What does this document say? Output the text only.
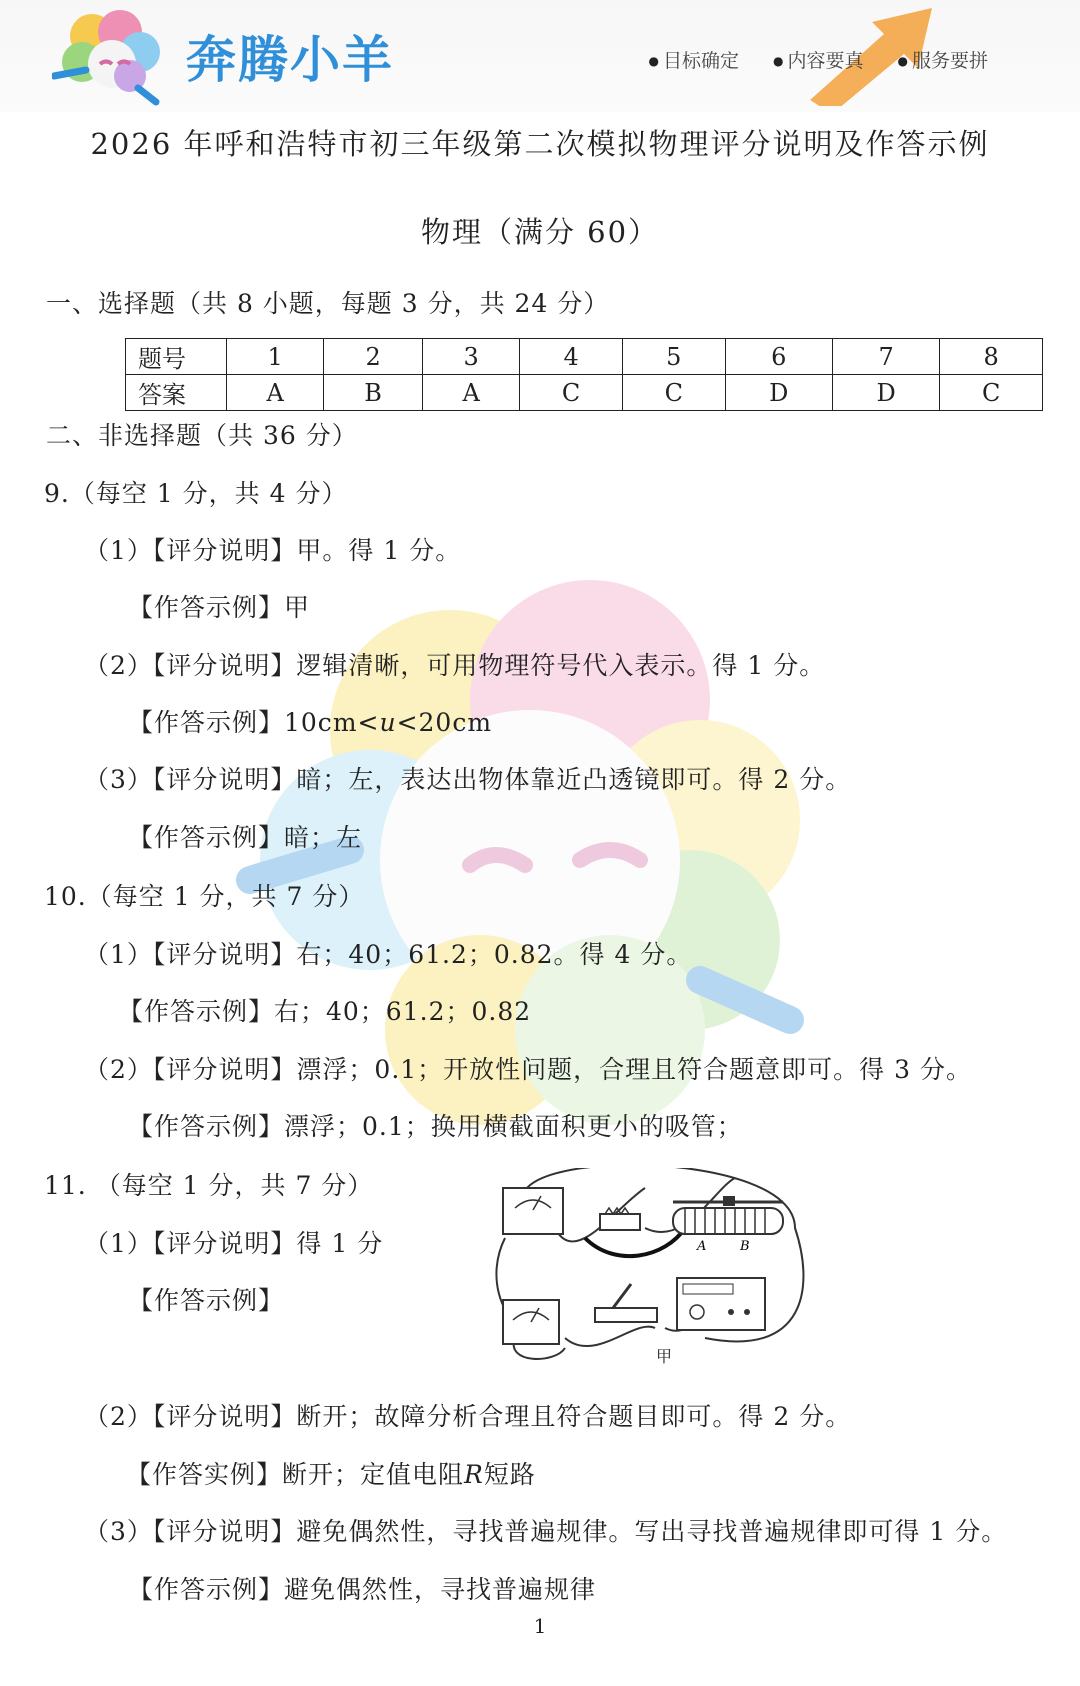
奔腾小羊	● 目标确定	● 内容要真	● 服务要拼
2026 年呼和浩特市初三年级第二次模拟物理评分说明及作答示例
物理（满分 60）
一、选择题（共 8 小题，每题 3 分，共 24 分）
题号	1	2	3	4	5	6	7	8
答案	A	B	A	C	C	D	D	C
二、非选择题（共 36 分）
9.（每空 1 分，共 4 分）
（1）【评分说明】甲。得 1 分。
【作答示例】甲
（2）【评分说明】逻辑清晰，可用物理符号代入表示。得 1 分。
【作答示例】10cm<u<20cm
（3）【评分说明】暗；左，表达出物体靠近凸透镜即可。得 2 分。
【作答示例】暗；左
10.（每空 1 分，共 7 分）
（1）【评分说明】右；40；61.2；0.82。得 4 分。
【作答示例】右；40；61.2；0.82
（2）【评分说明】漂浮；0.1；开放性问题，合理且符合题意即可。得 3 分。
【作答示例】漂浮；0.1；换用横截面积更小的吸管；
11. （每空 1 分，共 7 分）
（1）【评分说明】得 1 分
【作答示例】
A	B
甲
（2）【评分说明】断开；故障分析合理且符合题目即可。得 2 分。
【作答实例】断开；定值电阻R短路
（3）【评分说明】避免偶然性，寻找普遍规律。写出寻找普遍规律即可得 1 分。
【作答示例】避免偶然性，寻找普遍规律
1
